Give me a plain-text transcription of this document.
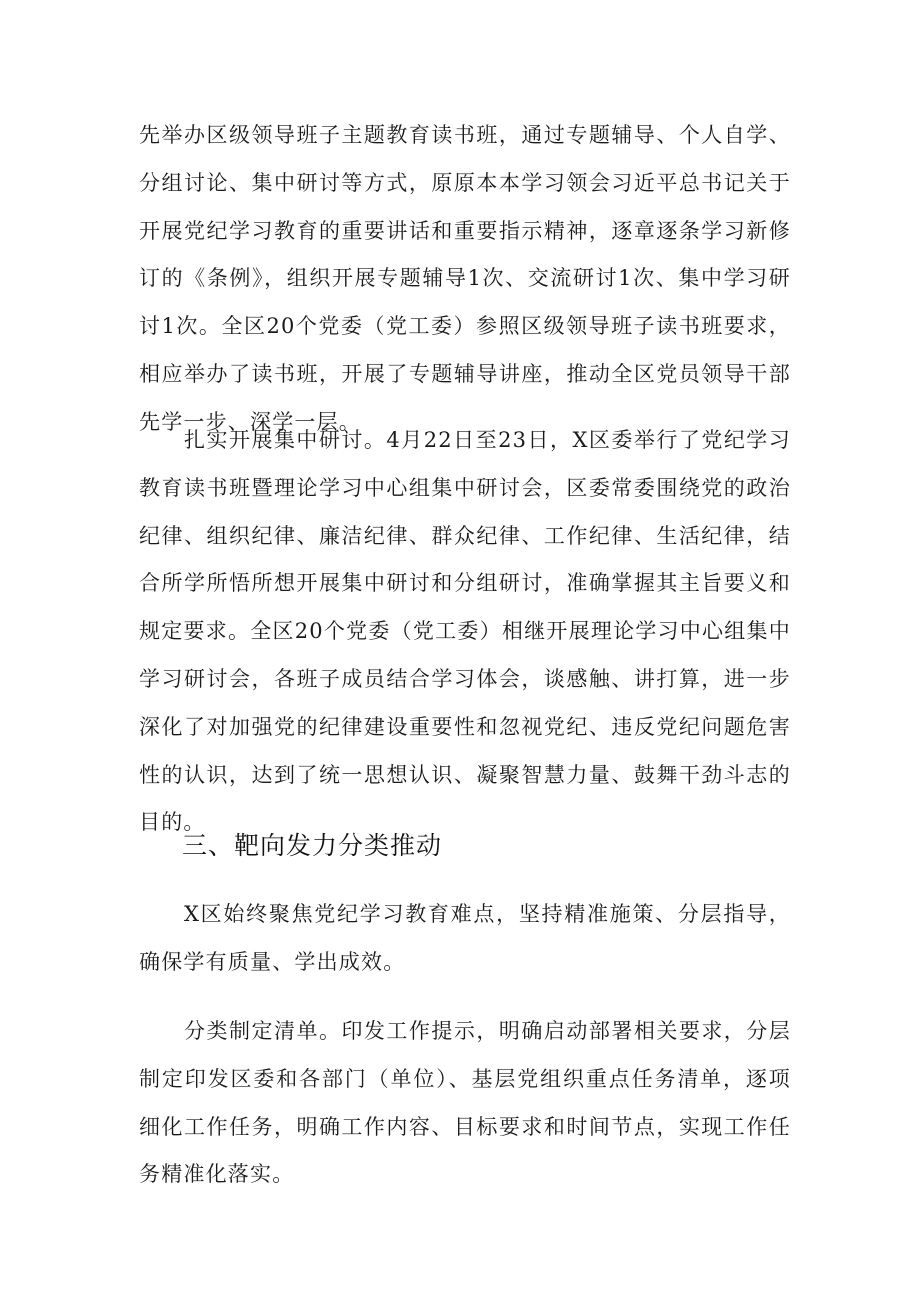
先举办区级领导班子主题教育读书班，通过专题辅导、个人自学、分组讨论、集中研讨等方式，原原本本学习领会习近平总书记关于开展党纪学习教育的重要讲话和重要指示精神，逐章逐条学习新修订的《条例》，组织开展专题辅导1次、交流研讨1次、集中学习研讨1次。全区20个党委（党工委）参照区级领导班子读书班要求，相应举办了读书班，开展了专题辅导讲座，推动全区党员领导干部先学一步、深学一层。

扎实开展集中研讨。4月22日至23日，X区委举行了党纪学习教育读书班暨理论学习中心组集中研讨会，区委常委围绕党的政治纪律、组织纪律、廉洁纪律、群众纪律、工作纪律、生活纪律，结合所学所悟所想开展集中研讨和分组研讨，准确掌握其主旨要义和规定要求。全区20个党委（党工委）相继开展理论学习中心组集中学习研讨会，各班子成员结合学习体会，谈感触、讲打算，进一步深化了对加强党的纪律建设重要性和忽视党纪、违反党纪问题危害性的认识，达到了统一思想认识、凝聚智慧力量、鼓舞干劲斗志的目的。

三、靶向发力分类推动

X区始终聚焦党纪学习教育难点，坚持精准施策、分层指导，确保学有质量、学出成效。

分类制定清单。印发工作提示，明确启动部署相关要求，分层制定印发区委和各部门（单位）、基层党组织重点任务清单，逐项细化工作任务，明确工作内容、目标要求和时间节点，实现工作任务精准化落实。
